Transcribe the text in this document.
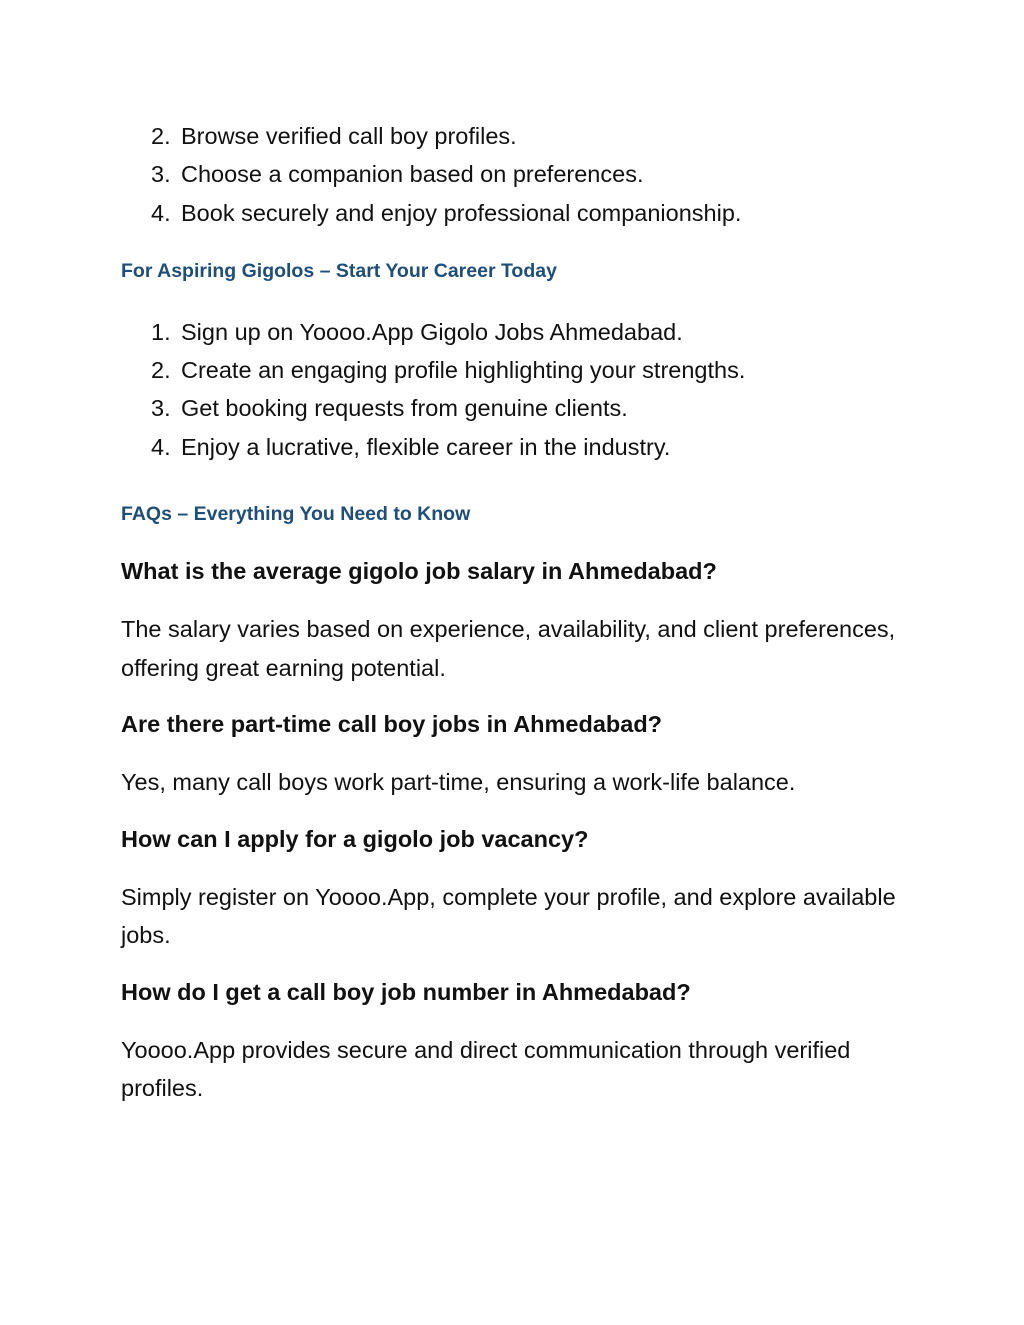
2. Browse verified call boy profiles.
3. Choose a companion based on preferences.
4. Book securely and enjoy professional companionship.
For Aspiring Gigolos – Start Your Career Today
1. Sign up on Yoooo.App Gigolo Jobs Ahmedabad.
2. Create an engaging profile highlighting your strengths.
3. Get booking requests from genuine clients.
4. Enjoy a lucrative, flexible career in the industry.
FAQs – Everything You Need to Know
What is the average gigolo job salary in Ahmedabad?
The salary varies based on experience, availability, and client preferences, offering great earning potential.
Are there part-time call boy jobs in Ahmedabad?
Yes, many call boys work part-time, ensuring a work-life balance.
How can I apply for a gigolo job vacancy?
Simply register on Yoooo.App, complete your profile, and explore available jobs.
How do I get a call boy job number in Ahmedabad?
Yoooo.App provides secure and direct communication through verified profiles.
